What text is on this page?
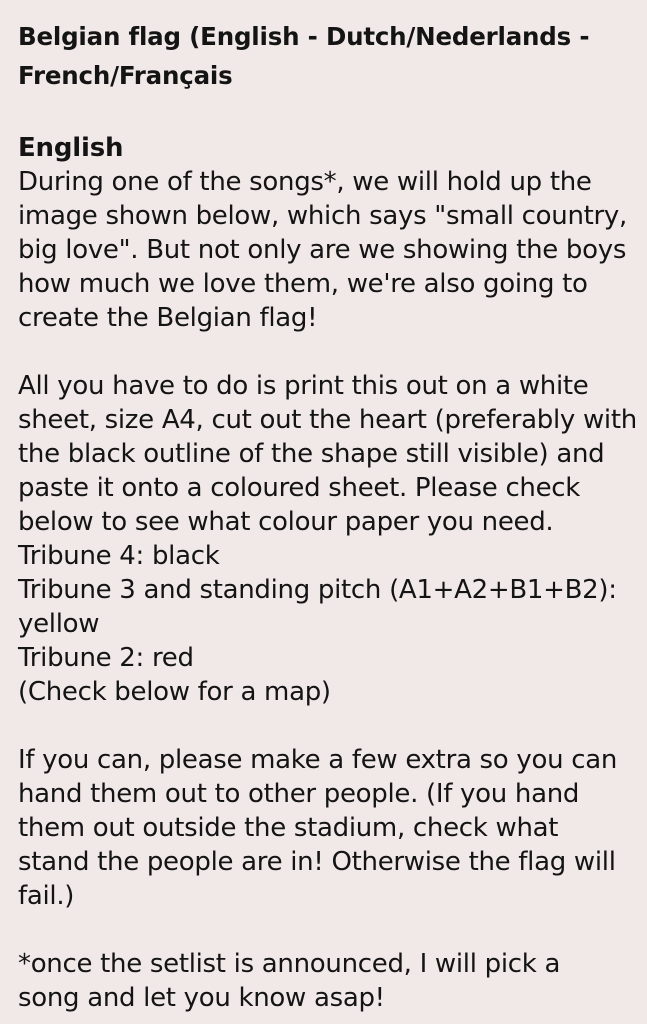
Belgian flag (English - Dutch/Nederlands -
French/Français

English

During one of the songs*, we will hold up the
image shown below, which says "small country,
big love". But not only are we showing the boys
how much we love them, we're also going to
create the Belgian flag!

All you have to do is print this out on a white
sheet, size A4, cut out the heart (preferably with
the black outline of the shape still visible) and
paste it onto a coloured sheet. Please check
below to see what colour paper you need.
Tribune 4: black
Tribune 3 and standing pitch (A1+A2+B1+B2):
yellow
Tribune 2: red
(Check below for a map)

If you can, please make a few extra so you can
hand them out to other people. (If you hand
them out outside the stadium, check what
stand the people are in! Otherwise the flag will
fail.)

*once the setlist is announced, I will pick a
song and let you know asap!
